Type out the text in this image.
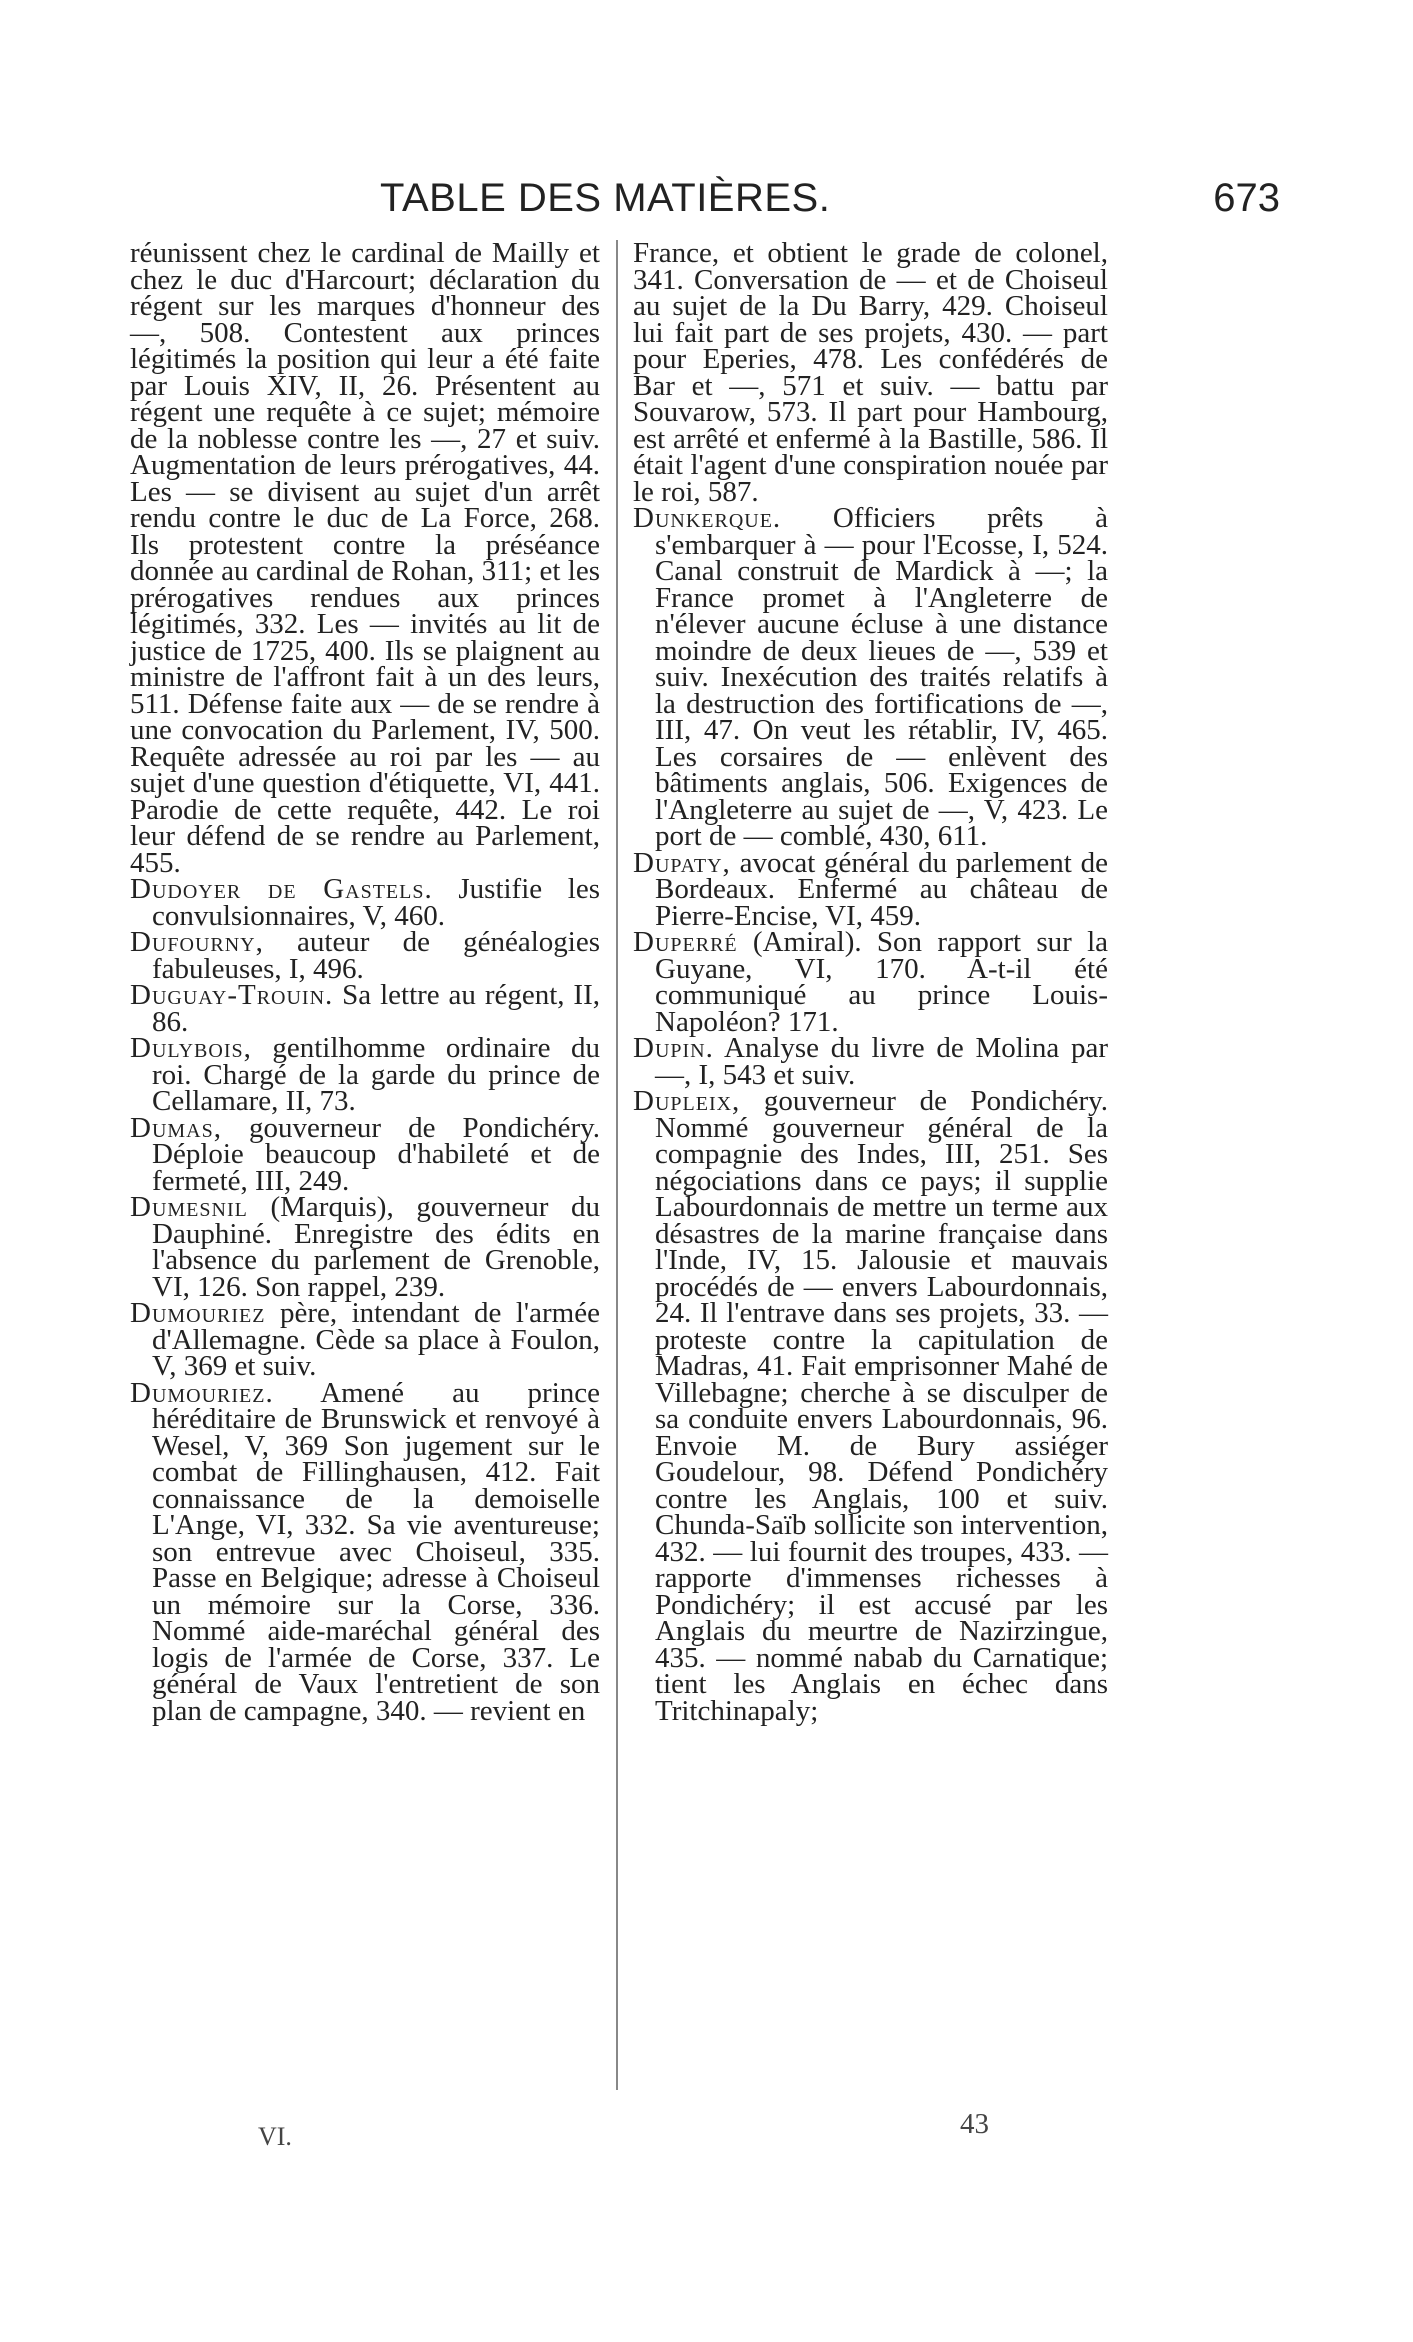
TABLE DES MATIÈRES.	673

réunissent chez le cardinal de Mailly et chez le duc d'Harcourt; déclaration du régent sur les marques d'honneur des —, 508. Contestent aux princes légitimés la position qui leur a été faite par Louis XIV, II, 26. Présentent au régent une requête à ce sujet; mémoire de la noblesse contre les —, 27 et suiv. Augmentation de leurs prérogatives, 44. Les — se divisent au sujet d'un arrêt rendu contre le duc de La Force, 268. Ils protestent contre la préséance donnée au cardinal de Rohan, 311; et les prérogatives rendues aux princes légitimés, 332. Les — invités au lit de justice de 1725, 400. Ils se plaignent au ministre de l'affront fait à un des leurs, 511. Défense faite aux — de se rendre à une convocation du Parlement, IV, 500. Requête adressée au roi par les — au sujet d'une question d'étiquette, VI, 441. Parodie de cette requête, 442. Le roi leur défend de se rendre au Parlement, 455.

Dudoyer de Gastels. Justifie les convulsionnaires, V, 460.

Dufourny, auteur de généalogies fabuleuses, I, 496.

Duguay-Trouin. Sa lettre au régent, II, 86.

Dulybois, gentilhomme ordinaire du roi. Chargé de la garde du prince de Cellamare, II, 73.

Dumas, gouverneur de Pondichéry. Déploie beaucoup d'habileté et de fermeté, III, 249.

Dumesnil (Marquis), gouverneur du Dauphiné. Enregistre des édits en l'absence du parlement de Grenoble, VI, 126. Son rappel, 239.

Dumouriez père, intendant de l'armée d'Allemagne. Cède sa place à Foulon, V, 369 et suiv.

Dumouriez. Amené au prince héréditaire de Brunswick et renvoyé à Wesel, V, 369 Son jugement sur le combat de Fillinghausen, 412. Fait connaissance de la demoiselle L'Ange, VI, 332. Sa vie aventureuse; son entrevue avec Choiseul, 335. Passe en Belgique; adresse à Choiseul un mémoire sur la Corse, 336. Nommé aide-maréchal général des logis de l'armée de Corse, 337. Le général de Vaux l'entretient de son plan de campagne, 340. — revient en

France, et obtient le grade de colonel, 341. Conversation de — et de Choiseul au sujet de la Du Barry, 429. Choiseul lui fait part de ses projets, 430. — part pour Eperies, 478. Les confédérés de Bar et —, 571 et suiv. — battu par Souvarow, 573. Il part pour Hambourg, est arrêté et enfermé à la Bastille, 586. Il était l'agent d'une conspiration nouée par le roi, 587.

Dunkerque. Officiers prêts à s'embarquer à — pour l'Ecosse, I, 524. Canal construit de Mardick à —; la France promet à l'Angleterre de n'élever aucune écluse à une distance moindre de deux lieues de —, 539 et suiv. Inexécution des traités relatifs à la destruction des fortifications de —, III, 47. On veut les rétablir, IV, 465. Les corsaires de — enlèvent des bâtiments anglais, 506. Exigences de l'Angleterre au sujet de —, V, 423. Le port de — comblé, 430, 611.

Dupaty, avocat général du parlement de Bordeaux. Enfermé au château de Pierre-Encise, VI, 459.

Duperré (Amiral). Son rapport sur la Guyane, VI, 170. A-t-il été communiqué au prince Louis-Napoléon? 171.

Dupin. Analyse du livre de Molina par —, I, 543 et suiv.

Dupleix, gouverneur de Pondichéry. Nommé gouverneur général de la compagnie des Indes, III, 251. Ses négociations dans ce pays; il supplie Labourdonnais de mettre un terme aux désastres de la marine française dans l'Inde, IV, 15. Jalousie et mauvais procédés de — envers Labourdonnais, 24. Il l'entrave dans ses projets, 33. — proteste contre la capitulation de Madras, 41. Fait emprisonner Mahé de Villebagne; cherche à se disculper de sa conduite envers Labourdonnais, 96. Envoie M. de Bury assiéger Goudelour, 98. Défend Pondichéry contre les Anglais, 100 et suiv. Chunda-Saïb sollicite son intervention, 432. — lui fournit des troupes, 433. — rapporte d'immenses richesses à Pondichéry; il est accusé par les Anglais du meurtre de Nazirzingue, 435. — nommé nabab du Carnatique; tient les Anglais en échec dans Tritchinapaly;

VI.	43
